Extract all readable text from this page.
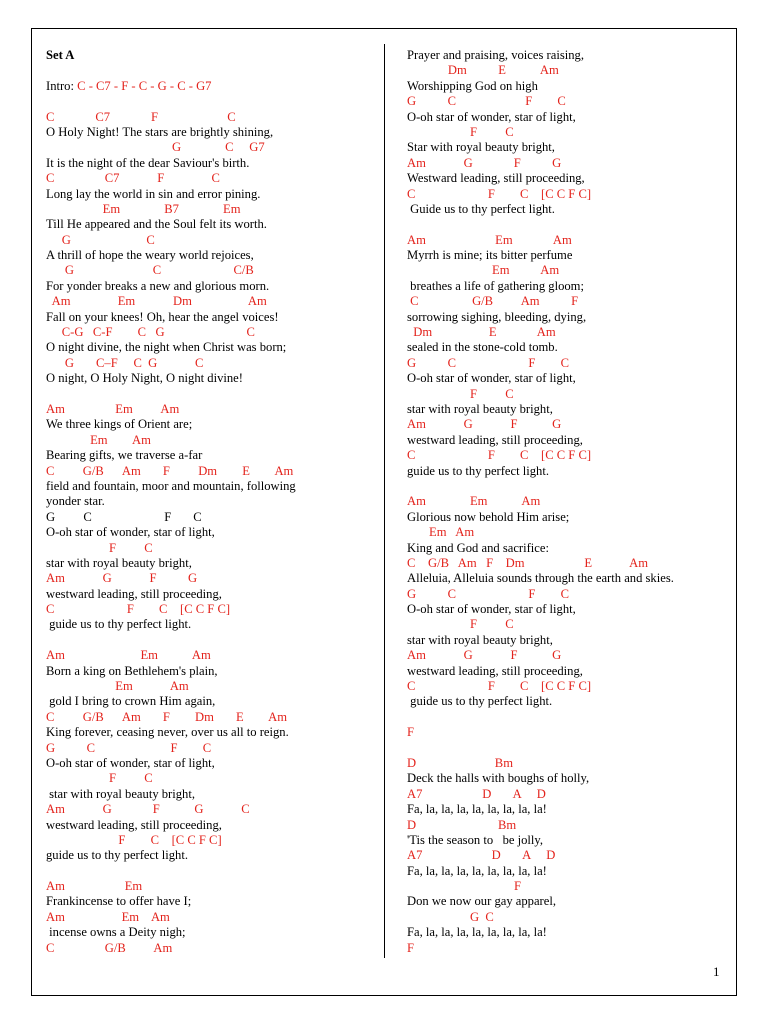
Set A
Intro: C - C7 - F - C - G - C - G7
C             C7             F                      C
O Holy Night! The stars are brightly shining,
G              C     G7
It is the night of the dear Saviour's birth.
C                C7            F               C
Long lay the world in sin and error pining.
Em              B7              Em
Till He appeared and the Soul felt its worth.
G                        C
A thrill of hope the weary world rejoices,
G                         C                       C/B
For yonder breaks a new and glorious morn.
Am               Em            Dm                  Am
Fall on your knees! Oh, hear the angel voices!
C-G   C-F        C   G                          C
O night divine, the night when Christ was born;
G       C–F     C  G            C
O night, O Holy Night, O night divine!
Am                Em         Am
We three kings of Orient are;
Em        Am
Bearing gifts, we traverse a-far
C         G/B      Am       F         Dm        E        Am
field and fountain, moor and mountain, following
yonder star.
G         C                       F       C
O-oh star of wonder, star of light,
F         C
star with royal beauty bright,
Am            G            F          G
westward leading, still proceeding,
C                       F        C    [C C F C]
guide us to thy perfect light.
Am                        Em           Am
Born a king on Bethlehem's plain,
Em            Am
gold I bring to crown Him again,
C         G/B      Am       F        Dm       E        Am
King forever, ceasing never, over us all to reign.
G          C                        F        C
O-oh star of wonder, star of light,
F         C
star with royal beauty bright,
Am            G             F           G            C
westward leading, still proceeding,
F        C    [C C F C]
guide us to thy perfect light.
Am                   Em
Frankincense to offer have I;
Am                  Em    Am
incense owns a Deity nigh;
C                G/B         Am
Prayer and praising, voices raising,
Dm          E           Am
Worshipping God on high
G          C                      F        C
O-oh star of wonder, star of light,
F         C
Star with royal beauty bright,
Am            G             F          G
Westward leading, still proceeding,
C                       F        C    [C C F C]
Guide us to thy perfect light.
Am                      Em             Am
Myrrh is mine; its bitter perfume
Em          Am
breathes a life of gathering gloom;
C                 G/B         Am          F
sorrowing sighing, bleeding, dying,
Dm                  E             Am
sealed in the stone-cold tomb.
G          C                       F        C
O-oh star of wonder, star of light,
F         C
star with royal beauty bright,
Am            G            F           G
westward leading, still proceeding,
C                       F        C    [C C F C]
guide us to thy perfect light.
Am              Em           Am
Glorious now behold Him arise;
Em   Am
King and God and sacrifice:
C    G/B   Am   F    Dm                   E            Am
Alleluia, Alleluia sounds through the earth and skies.
G          C                       F        C
O-oh star of wonder, star of light,
F         C
star with royal beauty bright,
Am            G            F           G
westward leading, still proceeding,
C                       F        C    [C C F C]
guide us to thy perfect light.
F
D                         Bm
Deck the halls with boughs of holly,
A7                   D       A     D
Fa, la, la, la, la, la, la, la, la!
D                          Bm
'Tis the season to   be jolly,
A7                      D       A     D
Fa, la, la, la, la, la, la, la, la!
F
Don we now our gay apparel,
G  C
Fa, la, la, la, la, la, la, la, la!
F
1
